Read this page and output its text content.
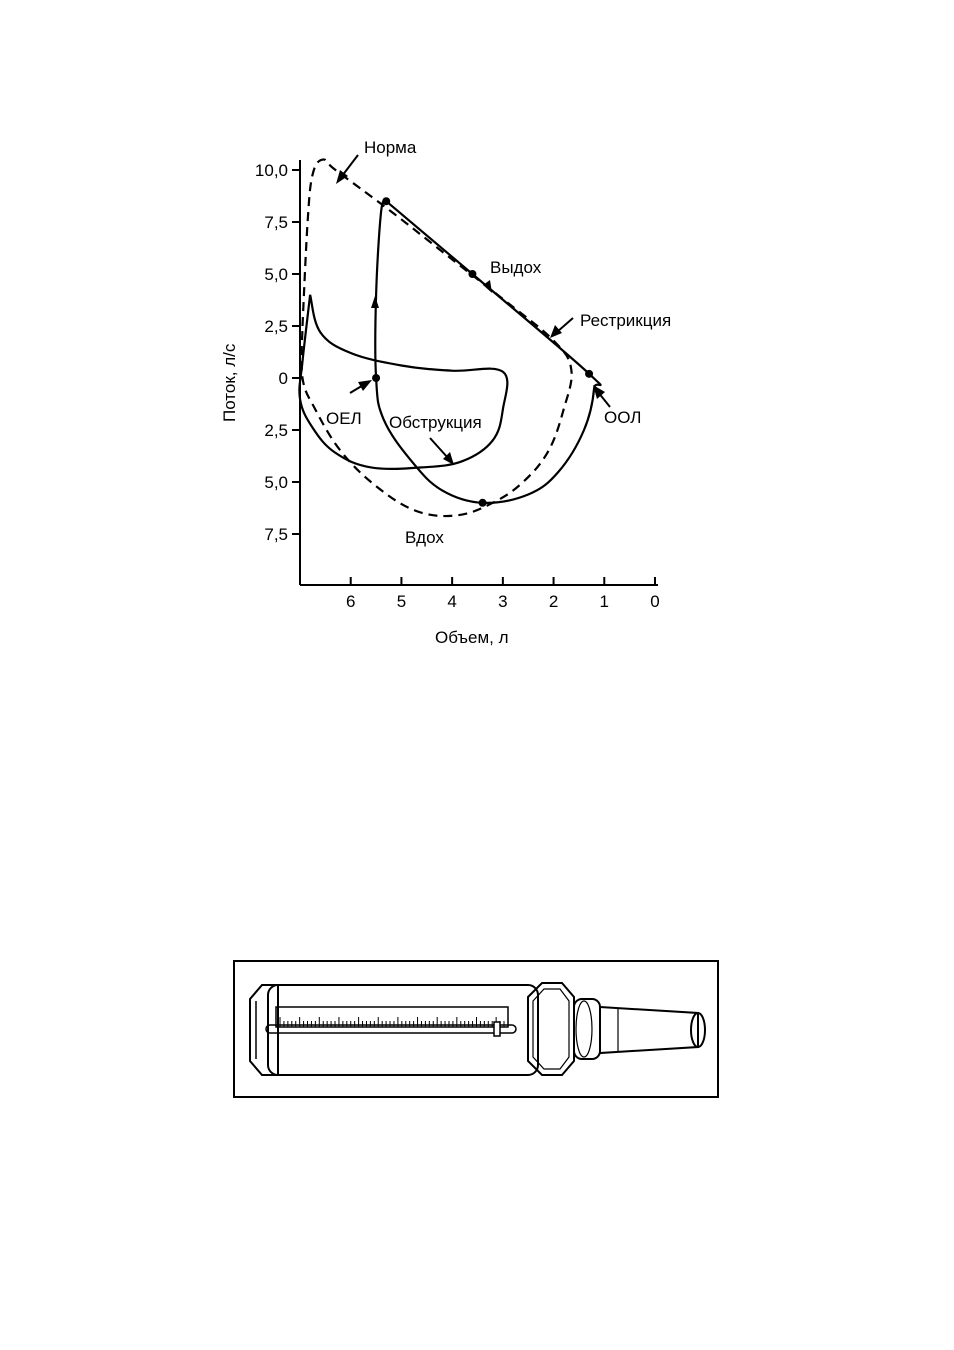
10,0
7,5
5,0
2,5
0
2,5
5,0
7,5
6 5 4 3 2 1 0
Норма
Выдох
Рестрикция
ООЛ
ОЕЛ Обструкция
Вдох
Объем, л
Поток, л/с
